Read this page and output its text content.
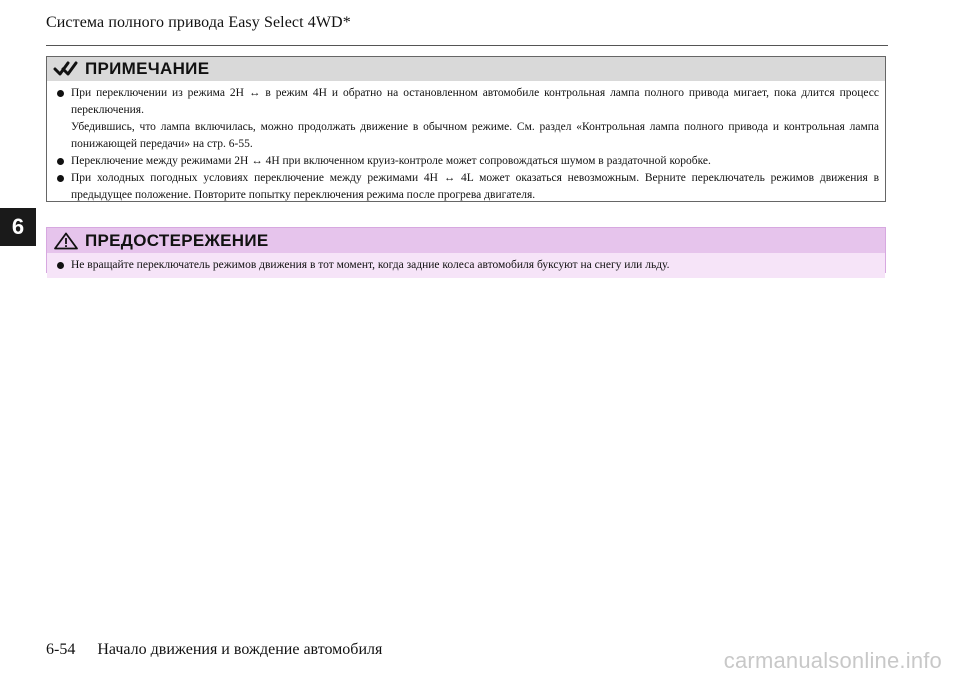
Система полного привода Easy Select 4WD*
6
ПРИМЕЧАНИЕ
При переключении из режима 2H ↔ в режим 4H и обратно на остановленном автомобиле контрольная лампа полного привода мигает, пока длится процесс переключения.
Убедившись, что лампа включилась, можно продолжать движение в обычном режиме. См. раздел «Контрольная лампа полного привода и контрольная лампа понижающей передачи» на стр. 6-55.
Переключение между режимами 2H ↔ 4H при включенном круиз-контроле может сопровождаться шумом в раздаточной коробке.
При холодных погодных условиях переключение между режимами 4H ↔ 4L может оказаться невозможным. Верните переключатель режимов движения в предыдущее положение. Повторите попытку переключения режима после прогрева двигателя.
ПРЕДОСТЕРЕЖЕНИЕ
Не вращайте переключатель режимов движения в тот момент, когда задние колеса автомобиля буксуют на снегу или льду.
6-54 Начало движения и вождение автомобиля	carmanualsonline.info
